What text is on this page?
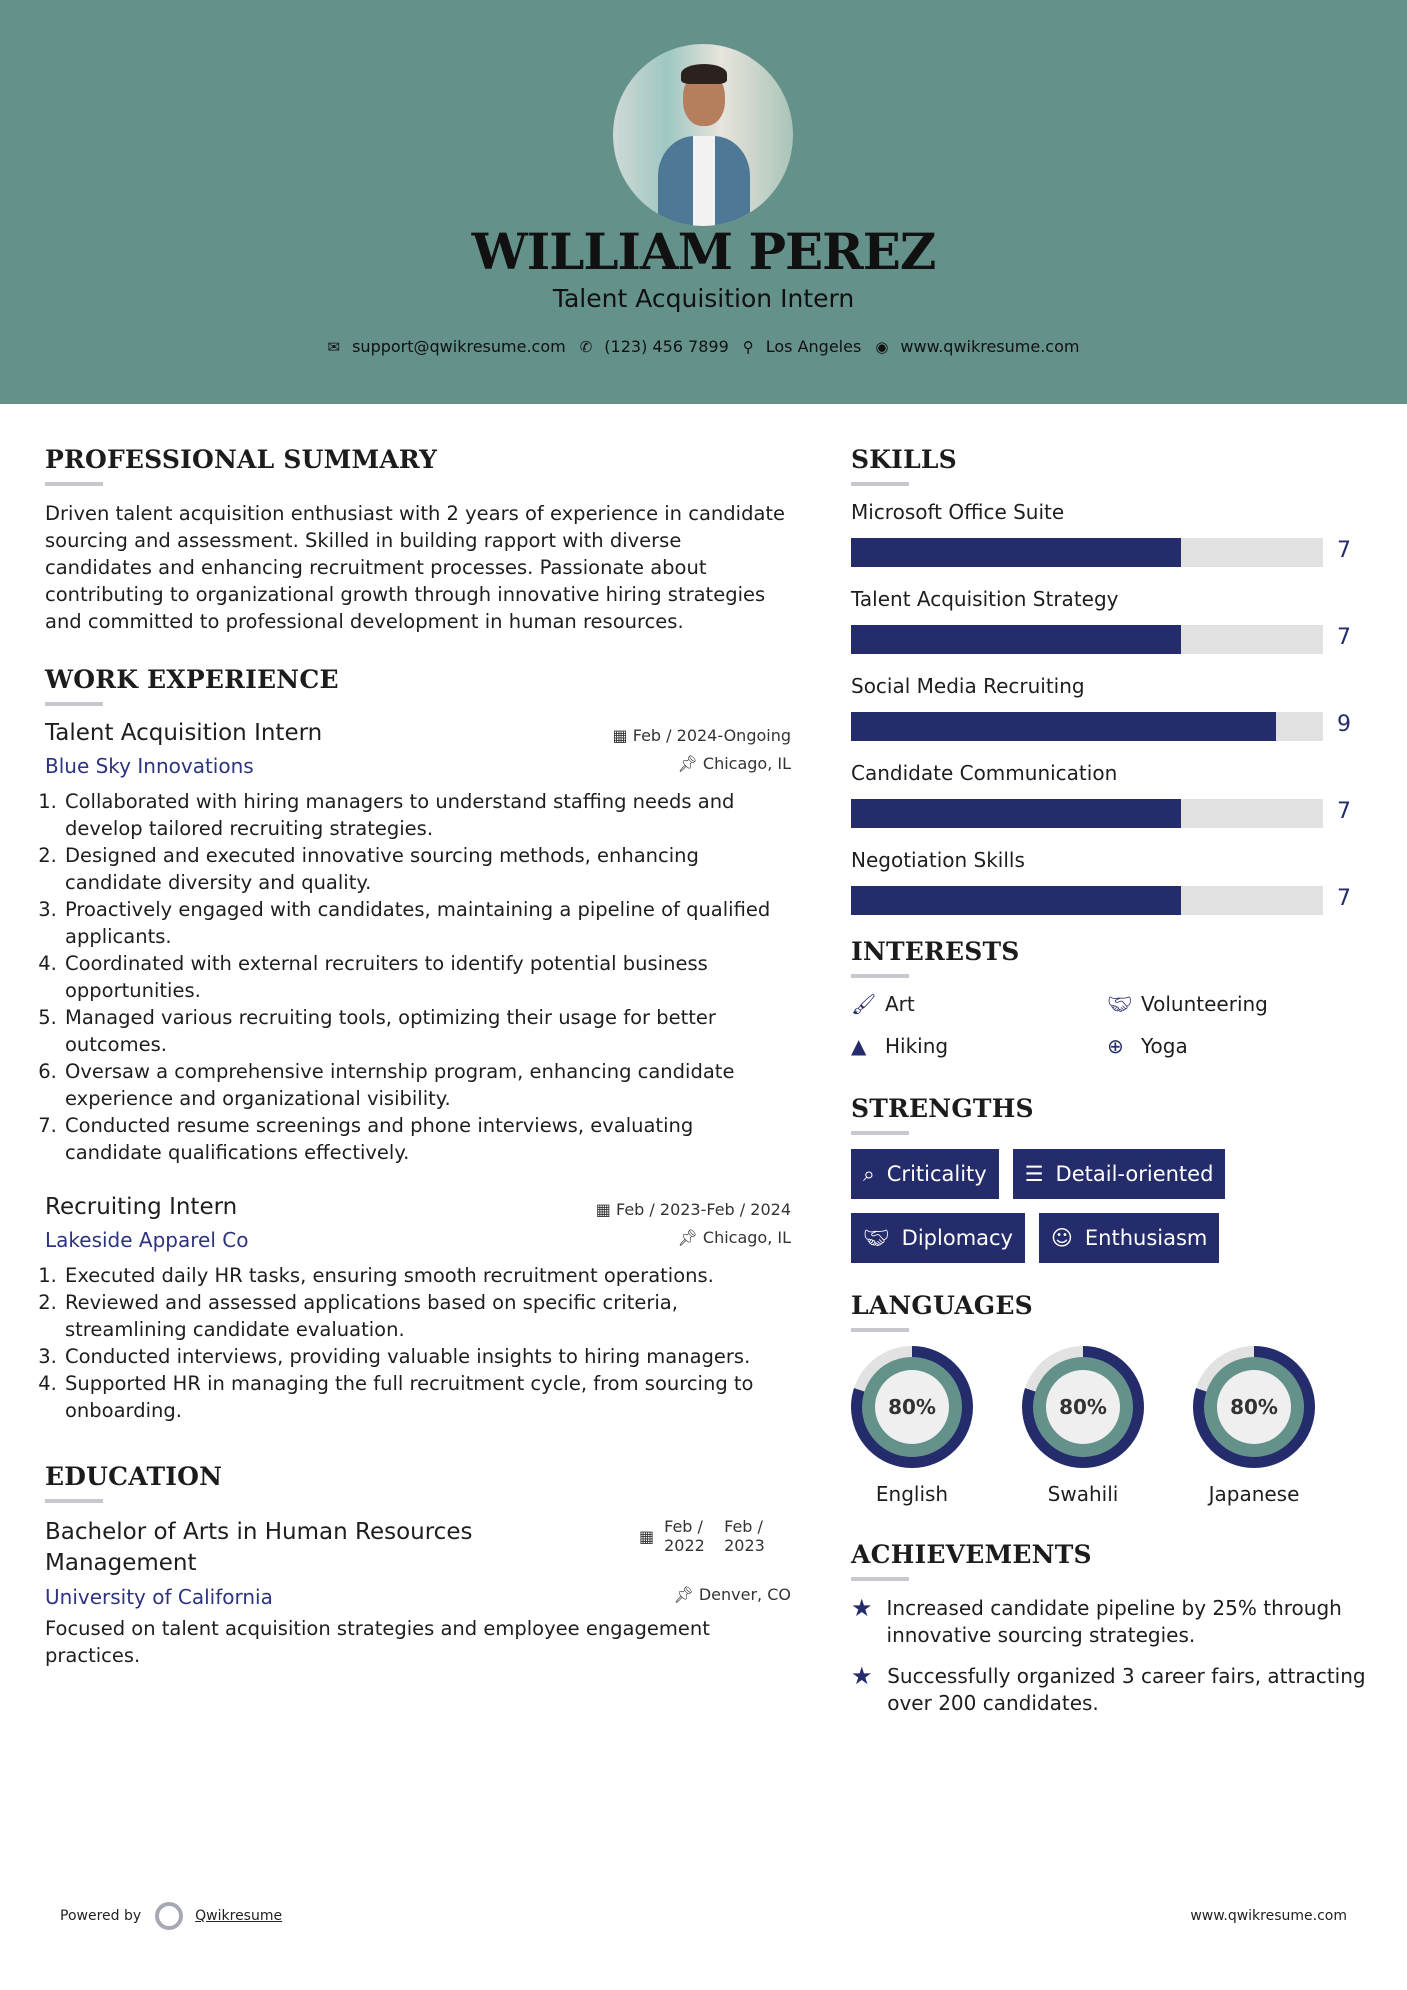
WILLIAM PEREZ
Talent Acquisition Intern
✉ support@qwikresume.com ✆ (123) 456 7899 ⚲ Los Angeles ◉ www.qwikresume.com
PROFESSIONAL SUMMARY

Driven talent acquisition enthusiast with 2 years of experience in candidate sourcing and assessment. Skilled in building rapport with diverse candidates and enhancing recruitment processes. Passionate about contributing to organizational growth through innovative hiring strategies and committed to professional development in human resources.

WORK EXPERIENCE
Talent Acquisition Intern	▦ Feb / 2024-Ongoing
Blue Sky Innovations	📌︎ Chicago, IL
1. Collaborated with hiring managers to understand staffing needs and develop tailored recruiting strategies.
2. Designed and executed innovative sourcing methods, enhancing candidate diversity and quality.
3. Proactively engaged with candidates, maintaining a pipeline of qualified applicants.
4. Coordinated with external recruiters to identify potential business opportunities.
5. Managed various recruiting tools, optimizing their usage for better outcomes.
6. Oversaw a comprehensive internship program, enhancing candidate experience and organizational visibility.
7. Conducted resume screenings and phone interviews, evaluating candidate qualifications effectively.
Recruiting Intern	▦ Feb / 2023-Feb / 2024
Lakeside Apparel Co	📌︎ Chicago, IL
1. Executed daily HR tasks, ensuring smooth recruitment operations.
2. Reviewed and assessed applications based on specific criteria, streamlining candidate evaluation.
3. Conducted interviews, providing valuable insights to hiring managers.
4. Supported HR in managing the full recruitment cycle, from sourcing to onboarding.
EDUCATION
Bachelor of Arts in Human Resources Management
▦ Feb / 2022
Feb / 2023
University of California	📌︎ Denver, CO

Focused on talent acquisition strategies and employee engagement practices.

SKILLS
Microsoft Office Suite
7
Talent Acquisition Strategy
7
Social Media Recruiting
9
Candidate Communication
7
Negotiation Skills
7
INTERESTS
🖌︎ Art	🤝︎ Volunteering
▲ Hiking	⊕ Yoga
STRENGTHS
⌕ Criticality ☰ Detail-oriented
🤝︎ Diplomacy ☺ Enthusiasm
LANGUAGES
80%
English
80%
Swahili
80%
Japanese
ACHIEVEMENTS
★ Increased candidate pipeline by 25% through innovative sourcing strategies.
★ Successfully organized 3 career fairs, attracting over 200 candidates.
Powered by	Qwikresume	www.qwikresume.com
